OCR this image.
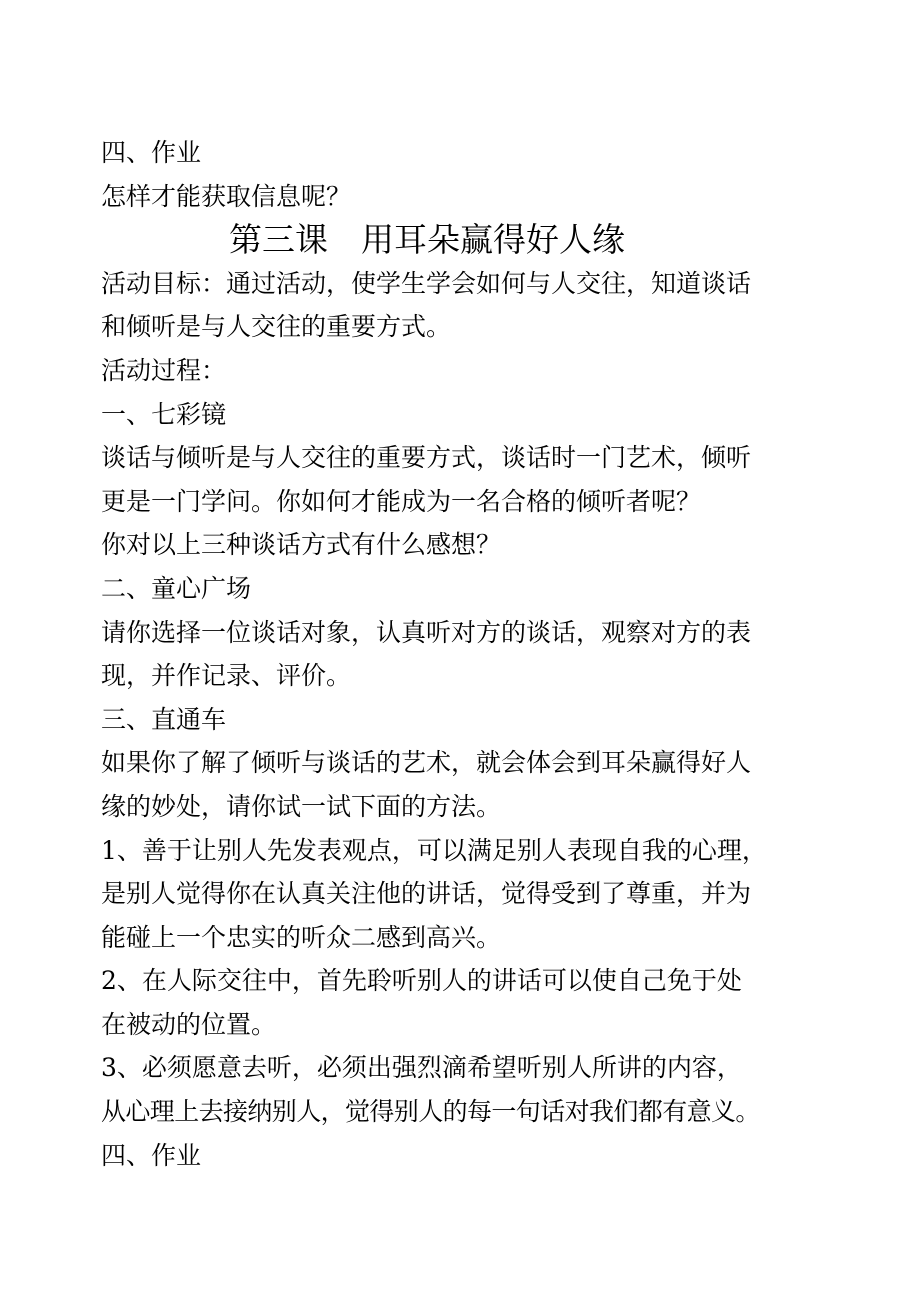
四、作业
怎样才能获取信息呢？
第三课　用耳朵赢得好人缘
活动目标：通过活动，使学生学会如何与人交往，知道谈话
和倾听是与人交往的重要方式。
活动过程：
一、七彩镜
谈话与倾听是与人交往的重要方式，谈话时一门艺术，倾听
更是一门学问。你如何才能成为一名合格的倾听者呢？
你对以上三种谈话方式有什么感想？
二、童心广场
请你选择一位谈话对象，认真听对方的谈话，观察对方的表
现，并作记录、评价。
三、直通车
如果你了解了倾听与谈话的艺术，就会体会到耳朵赢得好人
缘的妙处，请你试一试下面的方法。
1、善于让别人先发表观点，可以满足别人表现自我的心理，
是别人觉得你在认真关注他的讲话，觉得受到了尊重，并为
能碰上一个忠实的听众二感到高兴。
2、在人际交往中，首先聆听别人的讲话可以使自己免于处
在被动的位置。
3、必须愿意去听，必须出强烈滴希望听别人所讲的内容，
从心理上去接纳别人，觉得别人的每一句话对我们都有意义。
四、作业
